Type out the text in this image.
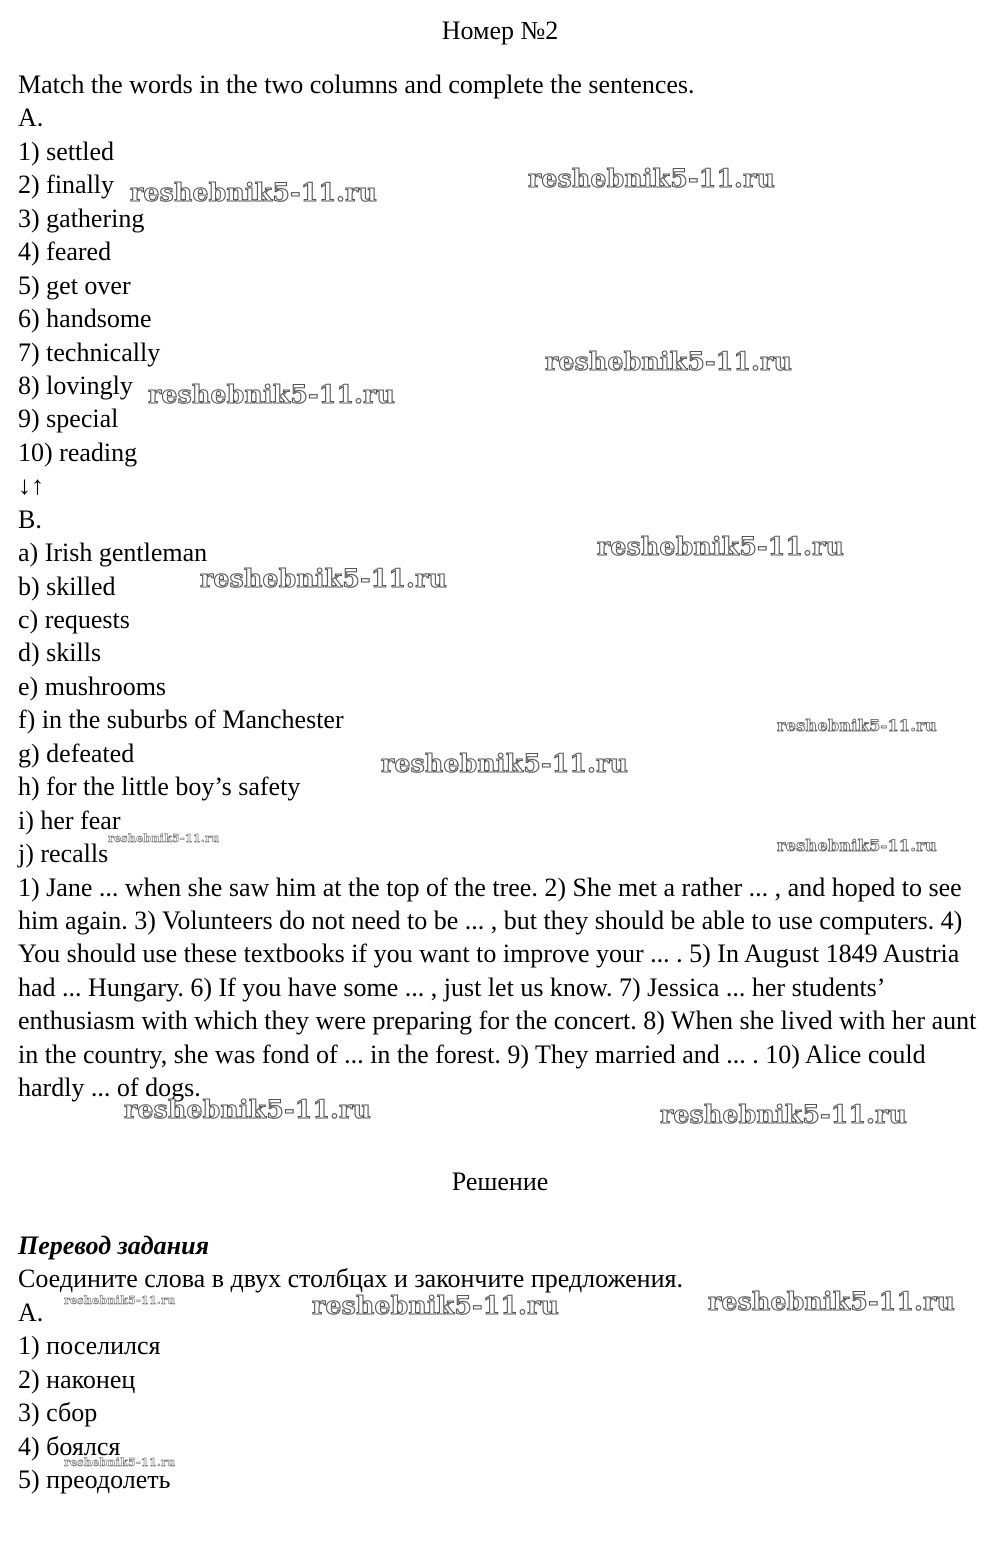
Номер №2
Match the words in the two columns and complete the sentences.
A.
1) settled
2) finally
3) gathering
4) feared
5) get over
6) handsome
7) technically
8) lovingly
9) special
10) reading
↓↑
B.
a) Irish gentleman
b) skilled
c) requests
d) skills
e) mushrooms
f) in the suburbs of Manchester
g) defeated
h) for the little boy’s safety
i) her fear
j) recalls

1) Jane ... when she saw him at the top of the tree. 2) She met a rather ... , and hoped to see him again. 3) Volunteers do not need to be ... , but they should be able to use computers. 4) You should use these textbooks if you want to improve your ... . 5) In August 1849 Austria had ... Hungary. 6) If you have some ... , just let us know. 7) Jessica ... her students’ enthusiasm with which they were preparing for the concert. 8) When she lived with her aunt in the country, she was fond of ... in the forest. 9) They married and ... . 10) Alice could hardly ... of dogs.

Решение
Перевод задания
Соедините слова в двух столбцах и закончите предложения.
А.
1) поселился
2) наконец
3) сбор
4) боялся
5) преодолеть
reshebnik5-11.ru	reshebnik5-11.ru
reshebnik5-11.ru
reshebnik5-11.ru
reshebnik5-11.ru
reshebnik5-11.ru
reshebnik5-11.ru
reshebnik5-11.ru
reshebnik5-11.ru	reshebnik5-11.ru
reshebnik5-11.ru	reshebnik5-11.ru
reshebnik5-11.ru	reshebnik5-11.ru	reshebnik5-11.ru
reshebnik5-11.ru
